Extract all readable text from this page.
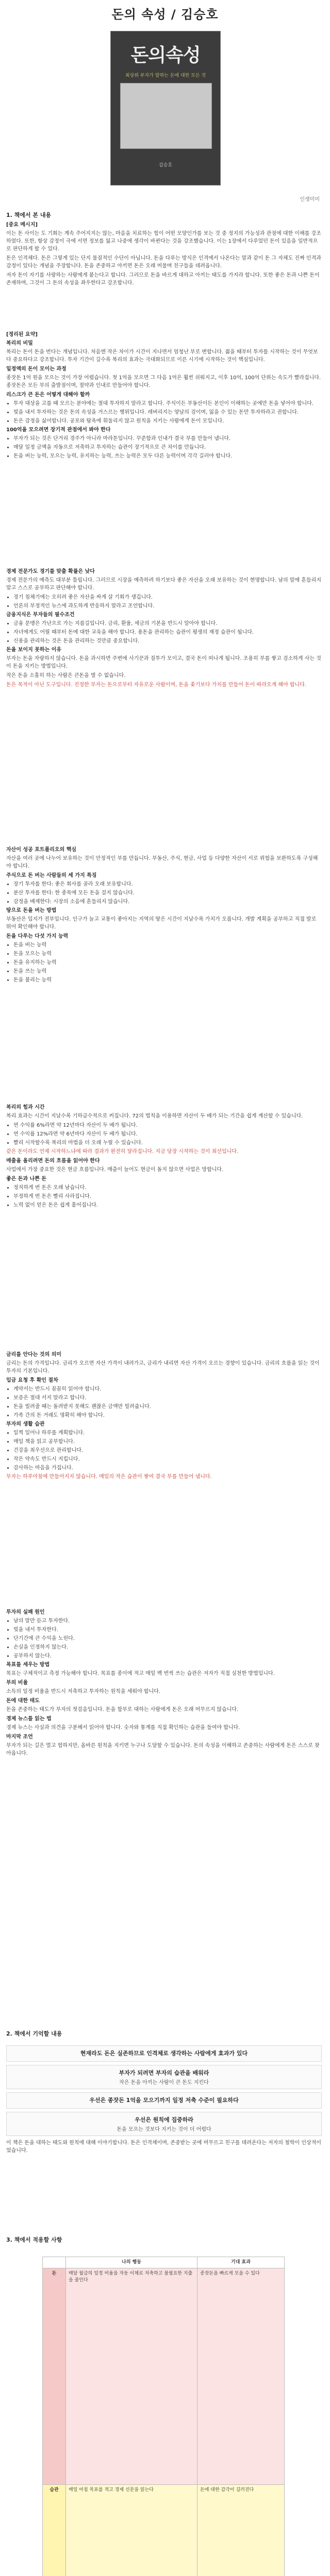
돈의 속성 / 김승호
돈의속성
최상위 부자가 말하는 돈에 대한 모든 것
김승호
인생미미
1. 책에서 본 내용
[중요 메시지]

이는 돈 사이는 도 기회는 계속 주어지지는 않는, 마음을 치료하는 힘이 어떤 모양인가를 보는 것 중 정지의 가능성과 관점에 대한 이해를 강조하였다. 또한, 항상 감정이 극에 서면 정보를 잃고 나중에 생각이 바뀐다는 것을 강조했습니다. 이는 1장에서 다루었던 돈이 있음을 일반적으로 판단하게 할 수 있다.

돈은 인격체다. 돈은 그렇게 있는 단지 물질적인 수단이 아닙니다. 돈을 다루는 방식은 인격에서 나온다는 말과 같이 돈 그 자체도 진짜 인격과 감정이 있다는 개념을 주장합니다. 돈을 존중하고 아끼면 돈은 오래 머물며 친구들을 데려옵니다.

저자 돈이 자기를 사랑하는 사람에게 붙는다고 합니다. 그러므로 돈을 바르게 대하고 아끼는 태도를 가지라 합니다. 또한 좋은 돈과 나쁜 돈이 존재하며, 그것이 그 돈의 속성을 좌우한다고 강조합니다.

[정리된 요약]
복리의 비밀

복리는 돈이 돈을 번다는 개념입니다. 처음엔 작은 차이가 시간이 지나면서 엄청난 부로 변합니다. 젊을 때부터 투자를 시작하는 것이 무엇보다 중요하다고 강조합니다. 투자 기간이 길수록 복리의 효과는 극대화되므로 이른 시기에 시작하는 것이 핵심입니다.

일정액의 돈이 모이는 과정

종잣돈 1억 원을 모으는 것이 가장 어렵습니다. 첫 1억을 모으면 그 다음 1억은 훨씬 쉬워지고, 이후 10억, 100억 단위는 속도가 빨라집니다. 종잣돈은 모든 부의 출발점이며, 절약과 인내로 만들어야 합니다.

리스크가 큰 돈은 어떻게 대해야 할까
• 투자 대상을 고를 때 모르는 분야에는 절대 투자하지 말라고 합니다. 주식이든 부동산이든 본인이 이해하는 곳에만 돈을 넣어야 합니다.
• 빚을 내서 투자하는 것은 돈의 속성을 거스르는 행위입니다. 레버리지는 양날의 검이며, 잃을 수 있는 돈만 투자하라고 권합니다.
• 돈은 감정을 싫어합니다. 공포와 탐욕에 휘둘리지 않고 원칙을 지키는 사람에게 돈이 모입니다.
100억을 모으려면 장기적 관점에서 봐야 한다
• 부자가 되는 것은 단거리 경주가 아니라 마라톤입니다. 꾸준함과 인내가 결국 부를 만들어 냅니다.
• 매달 일정 금액을 자동으로 저축하고 투자하는 습관이 장기적으로 큰 차이를 만듭니다.
• 돈을 버는 능력, 모으는 능력, 유지하는 능력, 쓰는 능력은 모두 다른 능력이며 각각 길러야 합니다.
경제 전문가도 경기를 맞출 확률은 낮다

경제 전문가의 예측도 대부분 틀립니다. 그러므로 시장을 예측하려 하기보다 좋은 자산을 오래 보유하는 것이 현명합니다. 남의 말에 흔들리지 말고 스스로 공부하고 판단해야 합니다.

• 경기 침체기에는 오히려 좋은 자산을 싸게 살 기회가 생깁니다.
• 언론의 부정적인 뉴스에 과도하게 반응하지 말라고 조언합니다.
금융지식은 부자들의 필수조건
• 금융 문맹은 가난으로 가는 지름길입니다. 금리, 환율, 세금의 기본을 반드시 알아야 합니다.
• 자녀에게도 어릴 때부터 돈에 대한 교육을 해야 합니다. 용돈을 관리하는 습관이 평생의 재정 습관이 됩니다.
• 신용을 관리하는 것은 돈을 관리하는 것만큼 중요합니다.
돈을 보이지 못하는 이유

부자는 돈을 자랑하지 않습니다. 돈을 과시하면 주변에 사기꾼과 질투가 모이고, 결국 돈이 떠나게 됩니다. 조용히 부를 쌓고 검소하게 사는 것이 돈을 지키는 방법입니다.

작은 돈을 소홀히 하는 사람은 큰돈을 벌 수 없습니다.

돈은 목적이 아닌 도구입니다. 진정한 부자는 돈으로부터 자유로운 사람이며, 돈을 좇기보다 가치를 만들어 돈이 따라오게 해야 합니다.

자산이 성공 포트폴리오의 핵심

자산을 여러 곳에 나누어 보유하는 것이 안정적인 부를 만듭니다. 부동산, 주식, 현금, 사업 등 다양한 자산이 서로 위험을 보완하도록 구성해야 합니다.

주식으로 돈 버는 사람들의 세 가지 특징
• 장기 투자를 한다: 좋은 회사를 골라 오래 보유합니다.
• 분산 투자를 한다: 한 종목에 모든 돈을 걸지 않습니다.
• 감정을 배제한다: 시장의 소음에 흔들리지 않습니다.
땅으로 돈을 버는 방법

부동산은 입지가 전부입니다. 인구가 늘고 교통이 좋아지는 지역의 땅은 시간이 지날수록 가치가 오릅니다. 개발 계획을 공부하고 직접 발로 뛰어 확인해야 합니다.

돈을 다루는 다섯 가지 능력
• 돈을 버는 능력
• 돈을 모으는 능력
• 돈을 유지하는 능력
• 돈을 쓰는 능력
• 돈을 불리는 능력
복리의 힘과 시간

복리 효과는 시간이 지날수록 기하급수적으로 커집니다. 72의 법칙을 이용하면 자산이 두 배가 되는 기간을 쉽게 계산할 수 있습니다.

• 연 수익률 6%라면 약 12년마다 자산이 두 배가 됩니다.
• 연 수익률 12%라면 약 6년마다 자산이 두 배가 됩니다.
• 빨리 시작할수록 복리의 마법을 더 오래 누릴 수 있습니다.

같은 돈이라도 언제 시작하느냐에 따라 결과가 완전히 달라집니다. 지금 당장 시작하는 것이 최선입니다.

매출을 올리려면 돈의 흐름을 읽어야 한다

사업에서 가장 중요한 것은 현금 흐름입니다. 매출이 늘어도 현금이 돌지 않으면 사업은 망합니다.

좋은 돈과 나쁜 돈
• 정직하게 번 돈은 오래 남습니다.
• 부정하게 번 돈은 빨리 사라집니다.
• 노력 없이 얻은 돈은 쉽게 흩어집니다.
금리를 안다는 것의 의미

금리는 돈의 가격입니다. 금리가 오르면 자산 가격이 내려가고, 금리가 내리면 자산 가격이 오르는 경향이 있습니다. 금리의 흐름을 읽는 것이 투자의 기본입니다.

입금 요청 후 확인 절차
• 계약서는 반드시 꼼꼼히 읽어야 합니다.
• 보증은 절대 서지 말라고 합니다.
• 돈을 빌려줄 때는 돌려받지 못해도 괜찮은 금액만 빌려줍니다.
• 가족 간의 돈 거래도 명확히 해야 합니다.
부자의 생활 습관
• 일찍 일어나 하루를 계획합니다.
• 매일 책을 읽고 공부합니다.
• 건강을 최우선으로 관리합니다.
• 작은 약속도 반드시 지킵니다.
• 감사하는 마음을 가집니다.

부자는 하루아침에 만들어지지 않습니다. 매일의 작은 습관이 쌓여 결국 부를 만들어 냅니다.

투자의 실패 원인
• 남의 말만 듣고 투자한다.
• 빚을 내서 투자한다.
• 단기간에 큰 수익을 노린다.
• 손실을 인정하지 않는다.
• 공부하지 않는다.
목표를 세우는 방법

목표는 구체적이고 측정 가능해야 합니다. 목표를 종이에 적고 매일 백 번씩 쓰는 습관은 저자가 직접 실천한 방법입니다.

부의 비율

소득의 일정 비율을 반드시 저축하고 투자하는 원칙을 세워야 합니다.

돈에 대한 태도

돈을 존중하는 태도가 부자의 첫걸음입니다. 돈을 함부로 대하는 사람에게 돈은 오래 머무르지 않습니다.

경제 뉴스를 읽는 법

경제 뉴스는 사실과 의견을 구분해서 읽어야 합니다. 숫자와 통계를 직접 확인하는 습관을 들여야 합니다.

마지막 조언

부자가 되는 길은 멀고 험하지만, 올바른 원칙을 지키면 누구나 도달할 수 있습니다. 돈의 속성을 이해하고 존중하는 사람에게 돈은 스스로 찾아옵니다.

2. 책에서 기억할 내용
현재라도 돈은 실존하므로 인격체로 생각하는 사람에게 효과가 있다
부자가 되려면 부자의 습관을 배워라
작은 돈을 아끼는 사람이 큰 돈도 지킨다
우선은 종잣돈 1억을 모으기까지 일정 저축 수준이 필요하다
우선은 원칙에 집중하라
돈을 모으는 것보다 지키는 것이 더 어렵다

이 책은 돈을 대하는 태도와 원칙에 대해 이야기합니다. 돈은 인격체이며, 존중받는 곳에 머무르고 친구를 데려온다는 저자의 철학이 인상적이었습니다.

3. 책에서 적용할 사항
	나의 행동	기대 효과
돈	매달 월급의 일정 비율을 자동 이체로 저축하고 불필요한 지출을 줄인다	종잣돈을 빠르게 모을 수 있다
습관	매일 아침 목표를 적고 경제 신문을 읽는다	돈에 대한 감각이 길러진다
